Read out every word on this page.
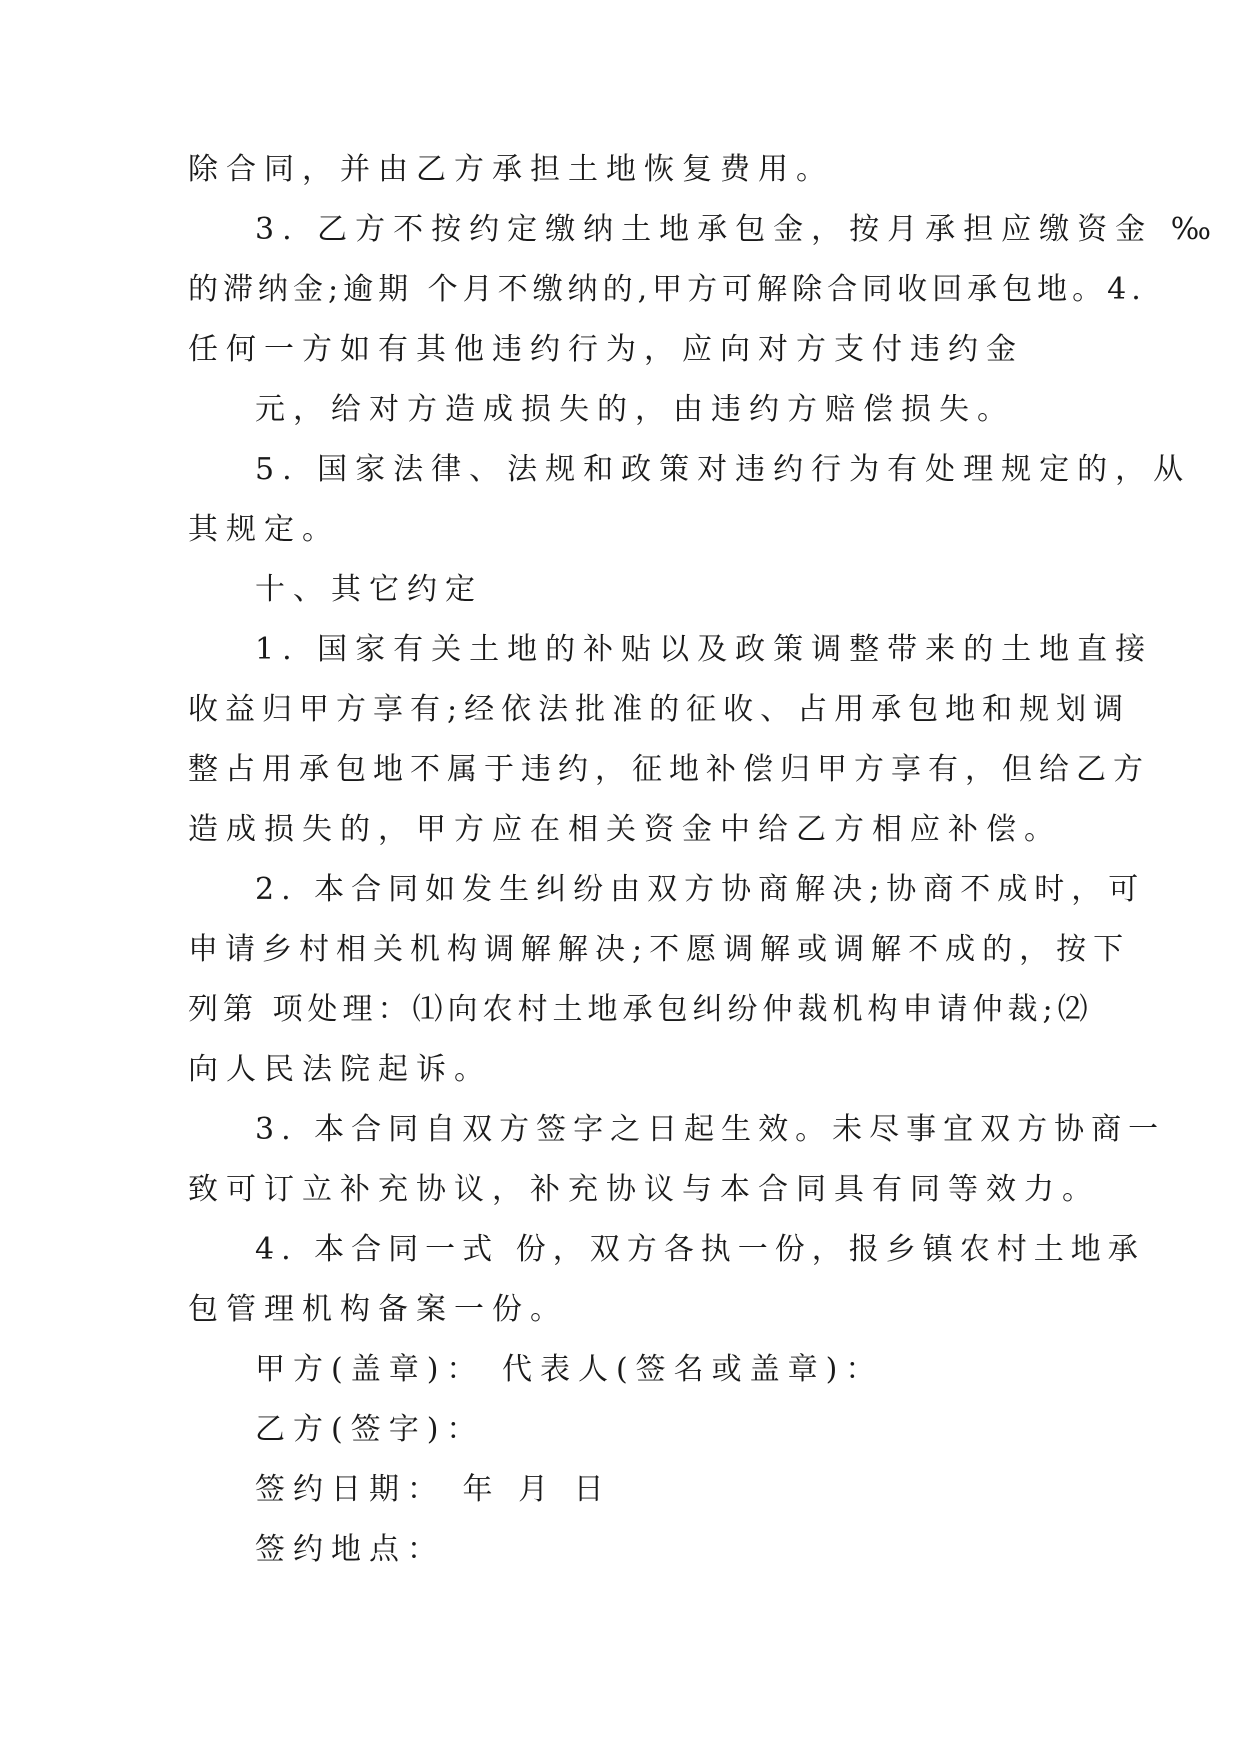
除合同，并由乙方承担土地恢复费用。

3. 乙方不按约定缴纳土地承包金，按月承担应缴资金 ‰

的滞纳金;逾期 个月不缴纳的,甲方可解除合同收回承包地。4.

任何一方如有其他违约行为，应向对方支付违约金

元，给对方造成损失的，由违约方赔偿损失。

5. 国家法律、法规和政策对违约行为有处理规定的，从

其规定。

十、其它约定

1. 国家有关土地的补贴以及政策调整带来的土地直接

收益归甲方享有;经依法批准的征收、占用承包地和规划调

整占用承包地不属于违约，征地补偿归甲方享有，但给乙方

造成损失的，甲方应在相关资金中给乙方相应补偿。

2. 本合同如发生纠纷由双方协商解决;协商不成时，可

申请乡村相关机构调解解决;不愿调解或调解不成的，按下

列第 项处理：⑴向农村土地承包纠纷仲裁机构申请仲裁;⑵

向人民法院起诉。

3. 本合同自双方签字之日起生效。未尽事宜双方协商一

致可订立补充协议，补充协议与本合同具有同等效力。

4. 本合同一式 份，双方各执一份，报乡镇农村土地承

包管理机构备案一份。

甲方(盖章)： 代表人(签名或盖章)：

乙方(签字)：

签约日期： 年 月 日

签约地点：
